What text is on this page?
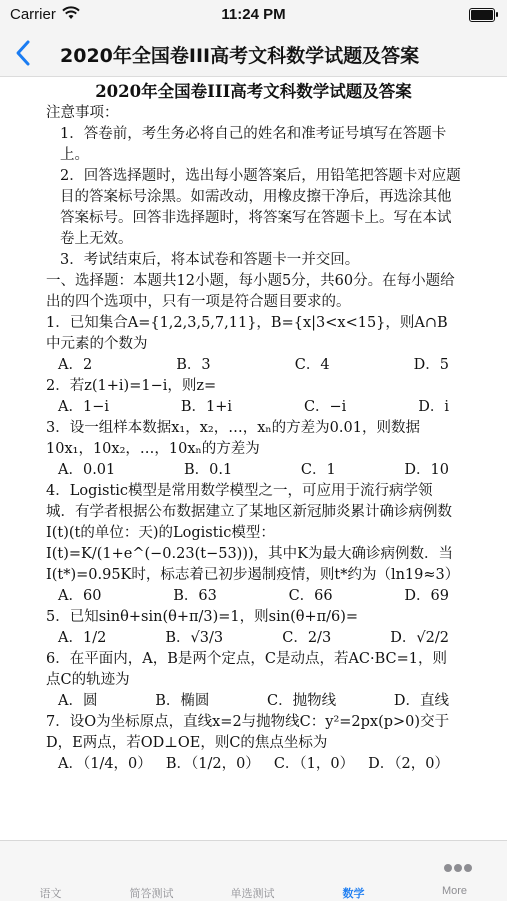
Carrier	11:24 PM
2020年全国卷III高考文科数学试题及答案
2020年全国卷III高考文科数学试题及答案

注意事项：

1．答卷前，考生务必将自己的姓名和准考证号填写在答题卡上。

2．回答选择题时，选出每小题答案后，用铅笔把答题卡对应题目的答案标号涂黑。如需改动，用橡皮擦干净后，再选涂其他答案标号。回答非选择题时，将答案写在答题卡上。写在本试卷上无效。

3．考试结束后，将本试卷和答题卡一并交回。

一、选择题：本题共12小题，每小题5分，共60分。在每小题给出的四个选项中，只有一项是符合题目要求的。

1．已知集合A={1,2,3,5,7,11}，B={x|3<x<15}，则A∩B中元素的个数为

A．2	B．3	C．4	D．5

2．若z(1+i)=1−i，则z=

A．1−i	B．1+i	C．−i	D．i

3．设一组样本数据x₁，x₂，…，xₙ的方差为0.01，则数据10x₁，10x₂，…，10xₙ的方差为

A．0.01	B．0.1	C．1	D．10

4．Logistic模型是常用数学模型之一，可应用于流行病学领城．有学者根据公布数据建立了某地区新冠肺炎累计确诊病例数I(t)(t的单位：天)的Logistic模型：I(t)=K/(1+e^(−0.23(t−53)))，其中K为最大确诊病例数．当I(t*)=0.95K时，标志着已初步遏制疫情，则t*约为（ln19≈3）

A．60	B．63	C．66	D．69

5．已知sinθ+sin(θ+π/3)=1，则sin(θ+π/6)=

A．1/2	B．√3/3	C．2/3	D．√2/2

6．在平面内，A，B是两个定点，C是动点，若AC·BC=1，则点C的轨迹为

A．圆	B．椭圆	C．抛物线	D．直线

7．设O为坐标原点，直线x=2与抛物线C：y²=2px(p>0)交于D，E两点，若OD⊥OE，则C的焦点坐标为

A．（1/4，0） B．（1/2，0） C．（1，0） D．（2，0）
语文	简答测试	单选测试	数学	More
